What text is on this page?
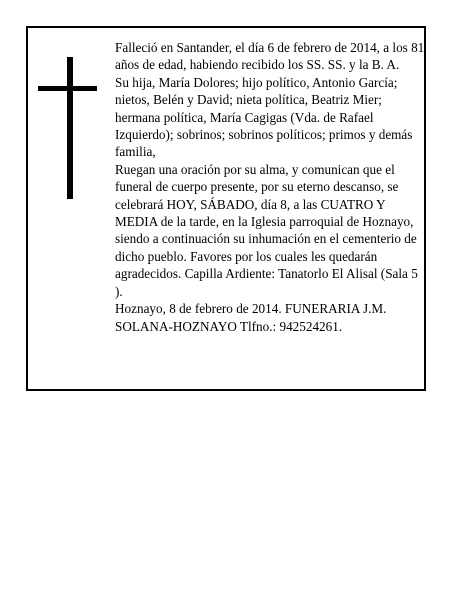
Falleció en Santander, el día 6 de febrero de 2014, a los 81 años de edad, habiendo recibido los SS. SS. y la B. A.

Su hija, María Dolores; hijo político, Antonio García; nietos, Belén y David; nieta política, Beatriz Mier; hermana política, María Cagigas (Vda. de Rafael Izquierdo); sobrinos; sobrinos políticos; primos y demás familia,

Ruegan una oración por su alma, y comunican que el funeral de cuerpo presente, por su eterno descanso, se celebrará HOY, SÁBADO, día 8, a las CUATRO Y MEDIA de la tarde, en la Iglesia parroquial de Hoznayo, siendo a continuación su inhumación en el cementerio de dicho pueblo. Favores por los cuales les quedarán agradecidos. Capilla Ardiente: Tanatorlo El Alisal (Sala 5 ).

Hoznayo, 8 de febrero de 2014. FUNERARIA J.M. SOLANA-HOZNAYO Tlfno.: 942524261.
